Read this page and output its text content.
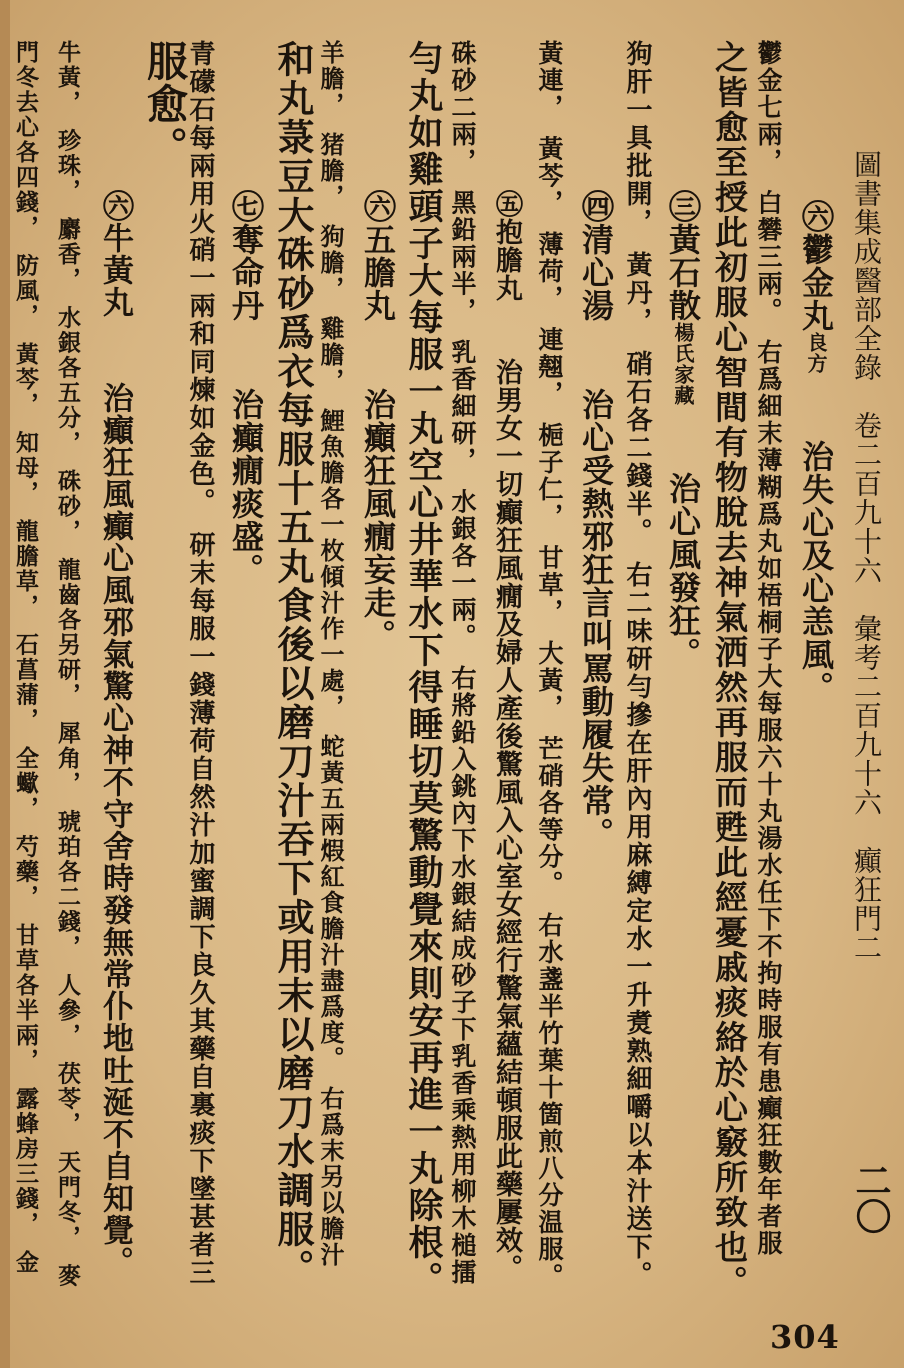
圖書集成醫部全錄　卷二百九十六　彙考二百九十六　癲狂門二
二〇
㊅鬱金丸良方　　治失心及心恙風。
鬱金七兩，　白礬三兩。　右爲細末薄糊爲丸如梧桐子大每服六十丸湯水任下不拘時服有患癲狂數年者服
之皆愈至授此初服心智間有物脫去神氣洒然再服而甦此經憂戚痰絡於心竅所致也。
㊂黃石散楊氏家藏　　治心風發狂。
狗肝一具批開，　黃丹，　硝石各二錢半。　右二味研勻摻在肝內用麻縛定水一升煑熟細嚼以本汁送下。
㊃清心湯　　治心受熱邪狂言叫罵動履失常。
黃連，　黃芩，　薄荷，　連翹，　梔子仁，　甘草，　大黃，　芒硝各等分。　右水盞半竹葉十箇煎八分温服。
㊄抱膽丸　　治男女一切癲狂風癇及婦人產後驚風入心室女經行驚氣蘊結頓服此藥屢效。
硃砂二兩，　黑鉛兩半，　乳香細研，　水銀各一兩。　右將鉛入銚內下水銀結成砂子下乳香乘熱用柳木槌擂
勻丸如雞頭子大每服一丸空心井華水下得睡切莫驚動覺來則安再進一丸除根。
㊅五膽丸　　治癲狂風癇妄走。
羊膽，　猪膽，　狗膽，　雞膽，　鯉魚膽各一枚傾汁作一處，　蛇黃五兩煆紅食膽汁盡爲度。　右爲末另以膽汁
和丸菉豆大硃砂爲衣每服十五丸食後以磨刀汁吞下或用末以磨刀水調服。
㊆奪命丹　　治癲癇痰盛。
青礞石每兩用火硝一兩和同煉如金色。　研末每服一錢薄荷自然汁加蜜調下良久其藥自裏痰下墜甚者三
服愈。
㊅牛黃丸　　治癲狂風癲心風邪氣驚心神不守舍時發無常仆地吐涎不自知覺。
牛黃，　珍珠，　麝香，　水銀各五分，　硃砂，　龍齒各另研，　犀角，　琥珀各二錢，　人參，　茯苓，　天門冬，　麥
門冬去心各四錢，　防風，　黃芩，　知母，　龍膽草，　石菖蒲，　全蠍，　芍藥，　甘草各半兩，　露蜂房三錢，　金
304
